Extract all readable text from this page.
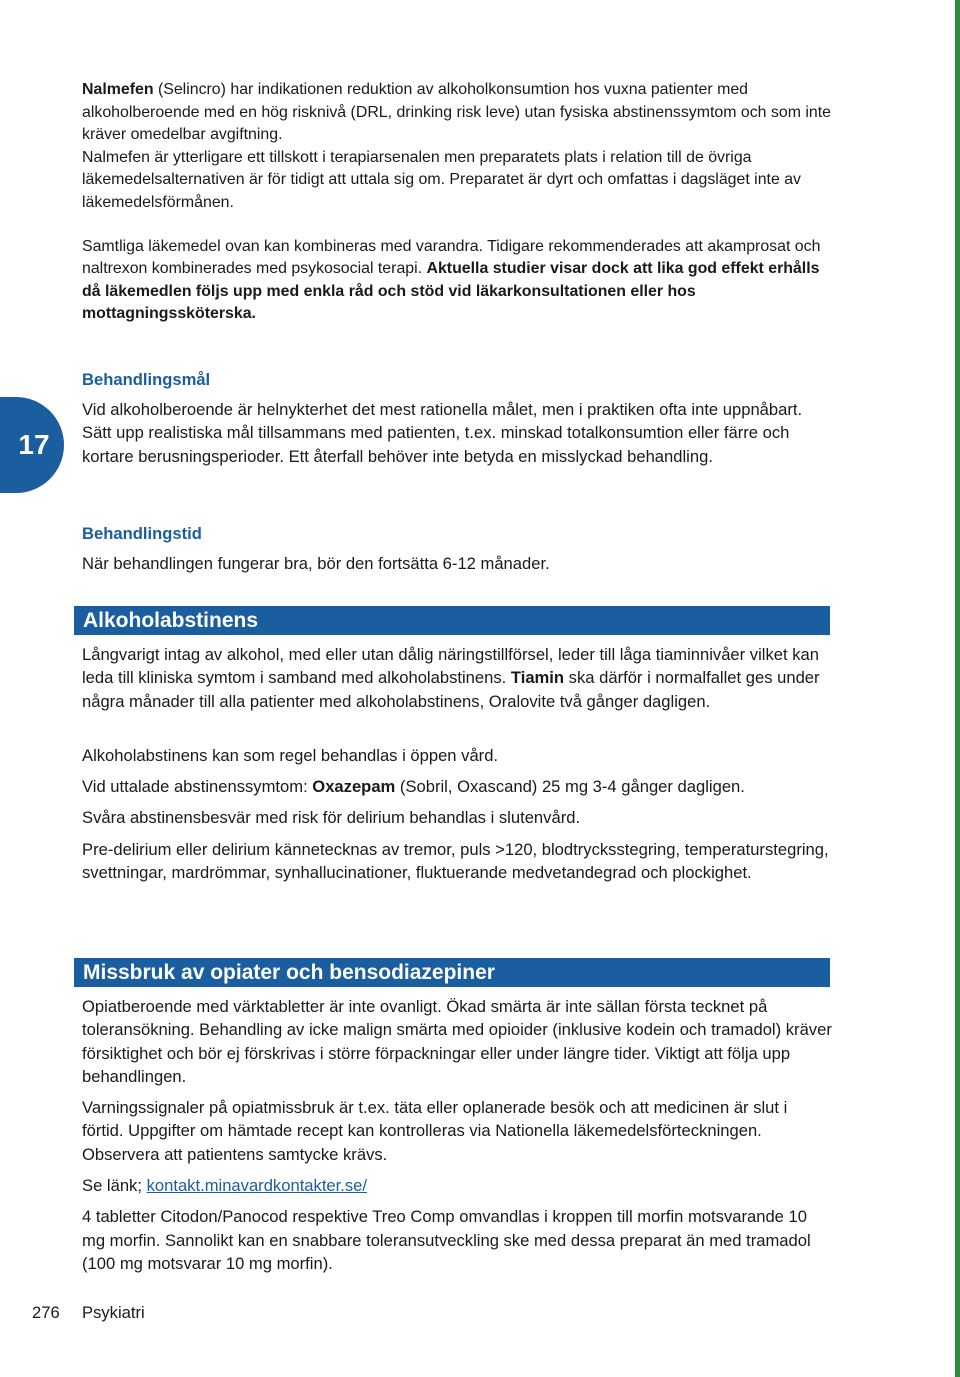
17

Nalmefen (Selincro) har indikationen reduktion av alkoholkonsumtion hos vuxna patienter med alkoholberoende med en hög risknivå (DRL, drinking risk leve) utan fysiska abstinenssymtom och som inte kräver omedelbar avgiftning.

Nalmefen är ytterligare ett tillskott i terapiarsenalen men preparatets plats i relation till de övriga läkemedelsalternativen är för tidigt att uttala sig om. Preparatet är dyrt och omfattas i dagsläget inte av läkemedelsförmånen.

Samtliga läkemedel ovan kan kombineras med varandra. Tidigare rekommenderades att akamprosat och naltrexon kombinerades med psykosocial terapi. Aktuella studier visar dock att lika god effekt erhålls då läkemedlen följs upp med enkla råd och stöd vid läkarkonsultationen eller hos mottagningssköterska.

Behandlingsmål

Vid alkoholberoende är helnykterhet det mest rationella målet, men i praktiken ofta inte uppnåbart. Sätt upp realistiska mål tillsammans med patienten, t.ex. minskad totalkonsumtion eller färre och kortare berusningsperioder. Ett återfall behöver inte betyda en misslyckad behandling.

Behandlingstid

När behandlingen fungerar bra, bör den fortsätta 6-12 månader.

Alkoholabstinens

Långvarigt intag av alkohol, med eller utan dålig näringstillförsel, leder till låga tiaminnivåer vilket kan leda till kliniska symtom i samband med alkoholabstinens. Tiamin ska därför i normalfallet ges under några månader till alla patienter med alkoholabstinens, Oralovite två gånger dagligen.

Alkoholabstinens kan som regel behandlas i öppen vård.

Vid uttalade abstinenssymtom: Oxazepam (Sobril, Oxascand) 25 mg 3-4 gånger dagligen.

Svåra abstinensbesvär med risk för delirium behandlas i slutenvård.

Pre-delirium eller delirium kännetecknas av tremor, puls >120, blodtrycksstegring, temperaturstegring, svettningar, mardrömmar, synhallucinationer, fluktuerande medvetandegrad och plockighet.

Missbruk av opiater och bensodiazepiner

Opiatberoende med värktabletter är inte ovanligt. Ökad smärta är inte sällan första tecknet på toleransökning. Behandling av icke malign smärta med opioider (inklusive kodein och tramadol) kräver försiktighet och bör ej förskrivas i större förpackningar eller under längre tider. Viktigt att följa upp behandlingen.

Varningssignaler på opiatmissbruk är t.ex. täta eller oplanerade besök och att medicinen är slut i förtid. Uppgifter om hämtade recept kan kontrolleras via Nationella läkemedelsförteckningen. Observera att patientens samtycke krävs.

Se länk; kontakt.minavardkontakter.se/

4 tabletter Citodon/Panocod respektive Treo Comp omvandlas i kroppen till morfin motsvarande 10 mg morfin. Sannolikt kan en snabbare toleransutveckling ske med dessa preparat än med tramadol (100 mg motsvarar 10 mg morfin).

276 Psykiatri
